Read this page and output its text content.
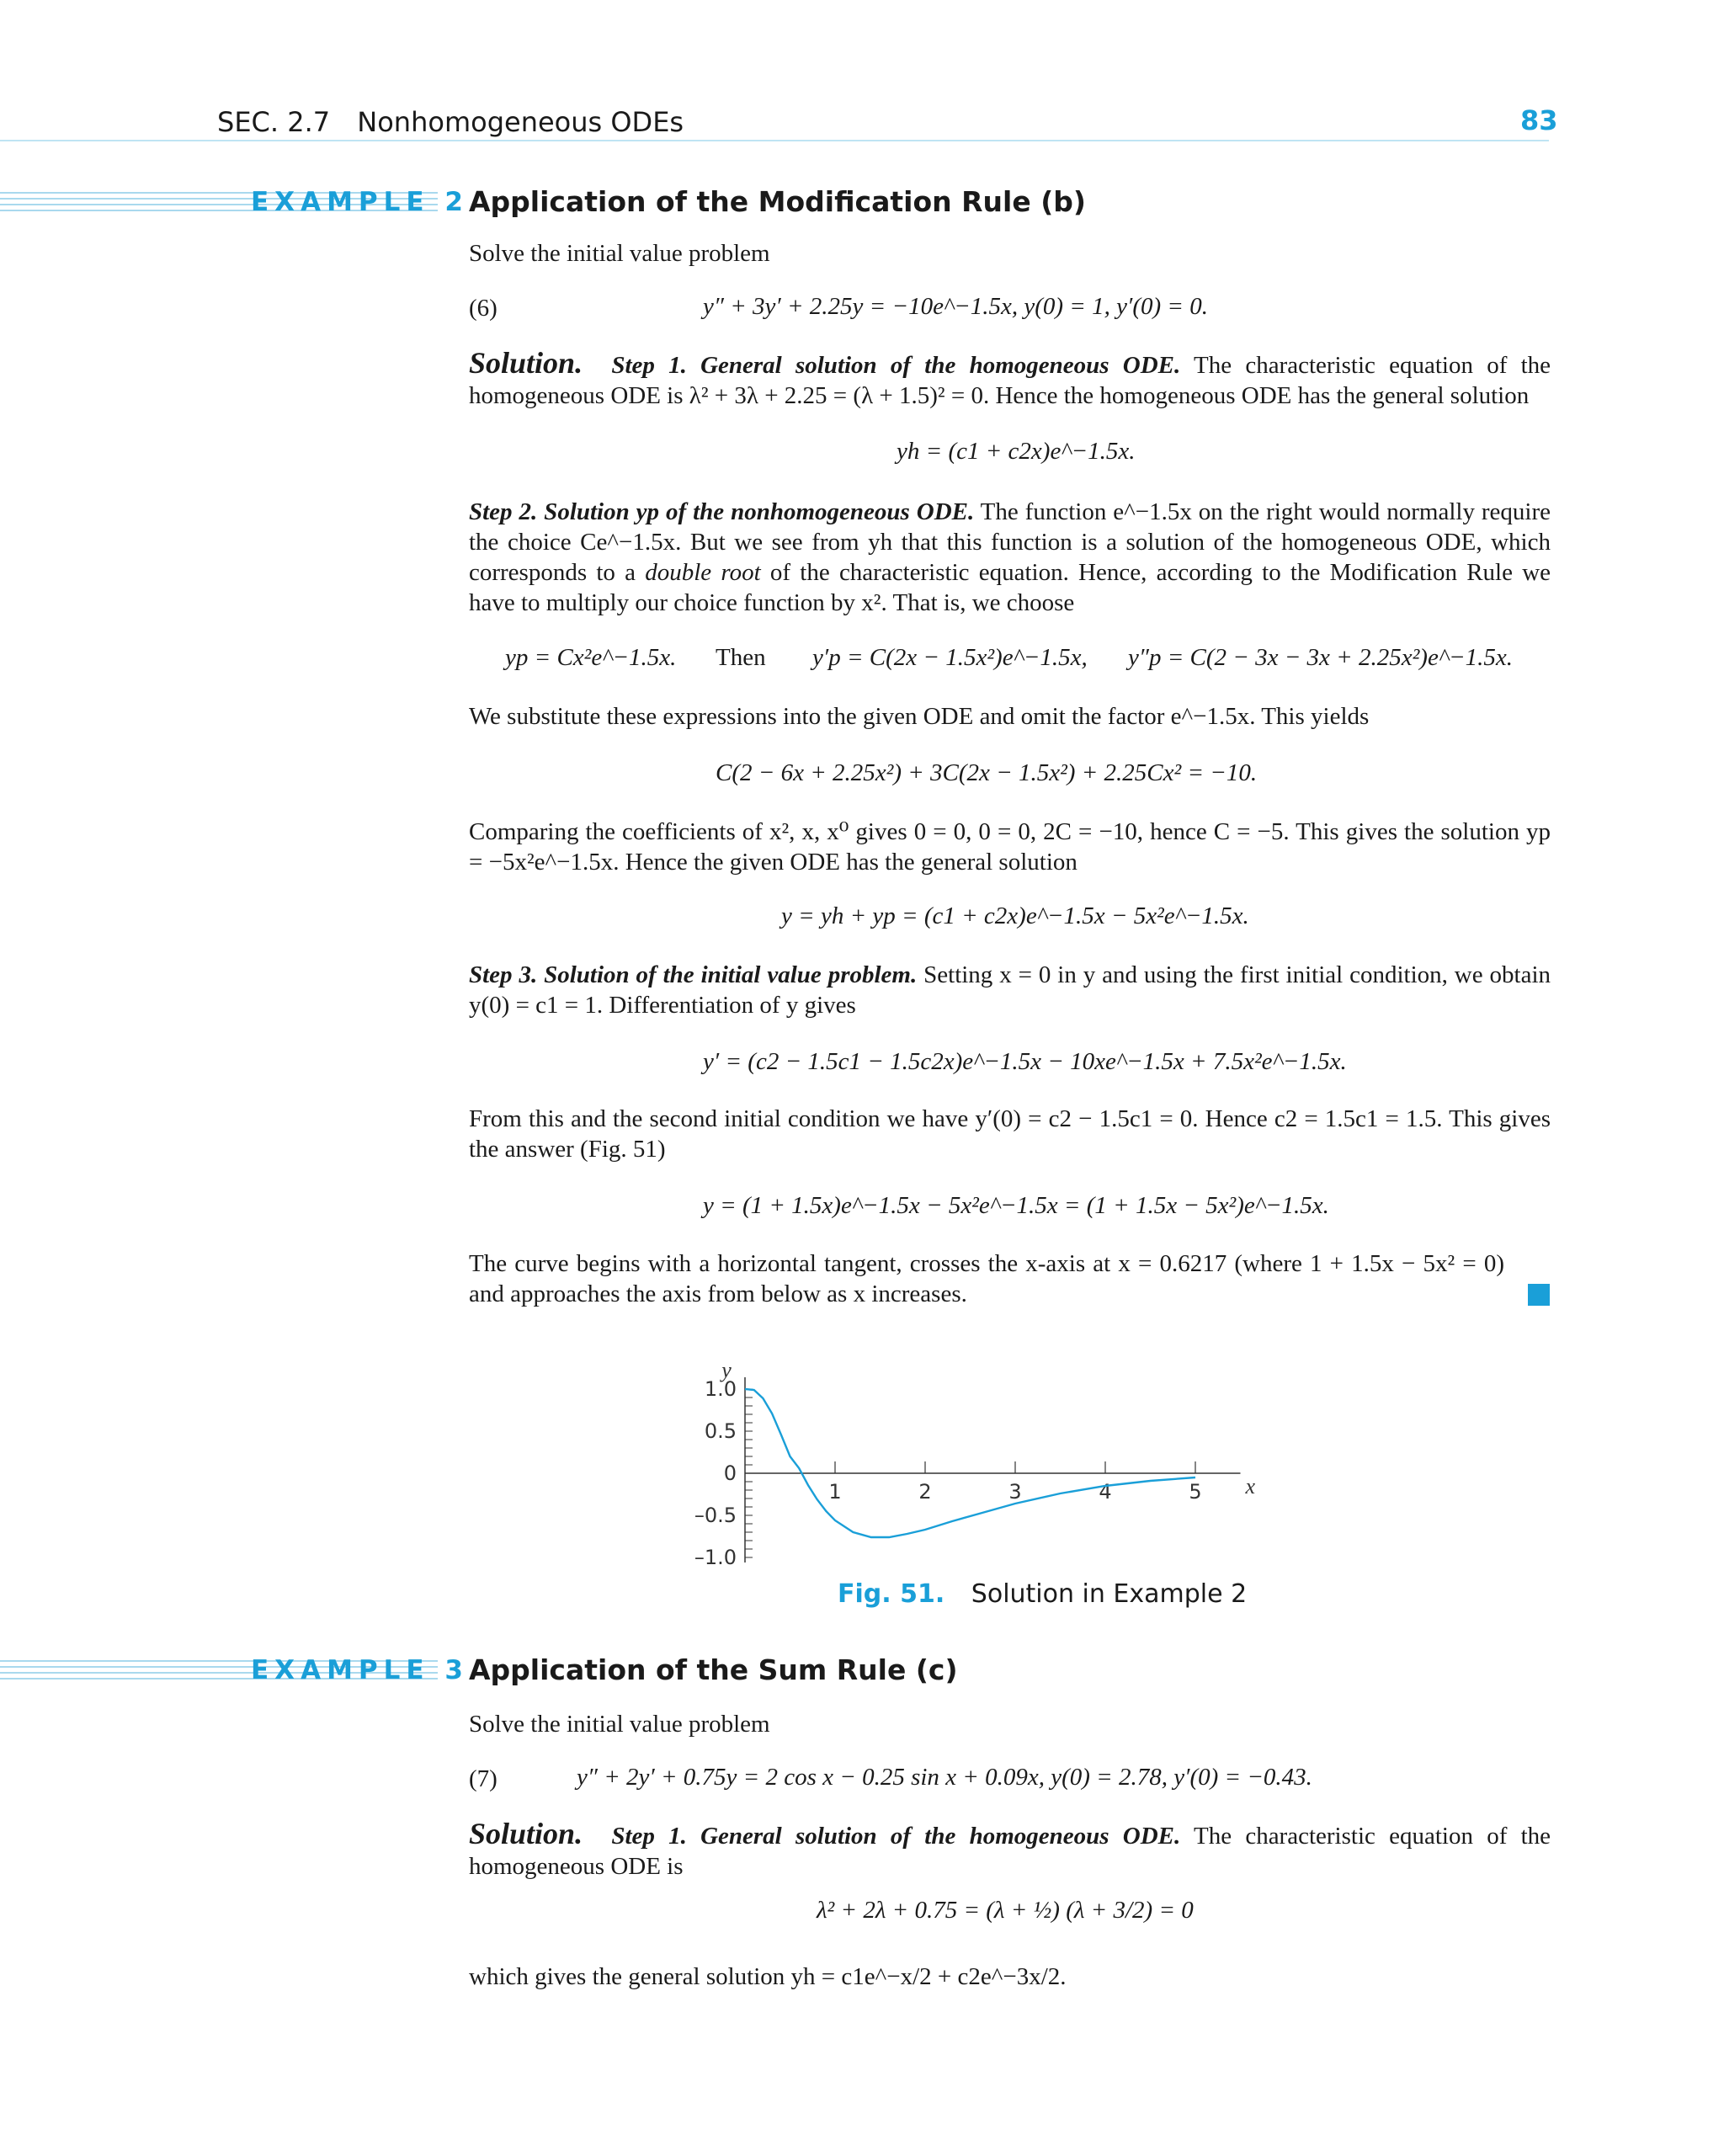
SEC. 2.7 Nonhomogeneous ODEs	83
EXAMPLE 2 Application of the Modification Rule (b)
Solve the initial value problem
(6)	y″ + 3y′ + 2.25y = −10e^−1.5x, y(0) = 1, y′(0) = 0.
Solution. Step 1. General solution of the homogeneous ODE. The characteristic equation of the homogeneous ODE is λ² + 3λ + 2.25 = (λ + 1.5)² = 0. Hence the homogeneous ODE has the general solution
yh = (c1 + c2x)e^−1.5x.
Step 2. Solution yp of the nonhomogeneous ODE. The function e^−1.5x on the right would normally require the choice Ce^−1.5x. But we see from yh that this function is a solution of the homogeneous ODE, which corresponds to a double root of the characteristic equation. Hence, according to the Modification Rule we have to multiply our choice function by x². That is, we choose
yp = Cx²e^−1.5x. Then y′p = C(2x − 1.5x²)e^−1.5x, y″p = C(2 − 3x − 3x + 2.25x²)e^−1.5x.
We substitute these expressions into the given ODE and omit the factor e^−1.5x. This yields
C(2 − 6x + 2.25x²) + 3C(2x − 1.5x²) + 2.25Cx² = −10.
Comparing the coefficients of x², x, x⁰ gives 0 = 0, 0 = 0, 2C = −10, hence C = −5. This gives the solution yp = −5x²e^−1.5x. Hence the given ODE has the general solution
y = yh + yp = (c1 + c2x)e^−1.5x − 5x²e^−1.5x.
Step 3. Solution of the initial value problem. Setting x = 0 in y and using the first initial condition, we obtain y(0) = c1 = 1. Differentiation of y gives
y′ = (c2 − 1.5c1 − 1.5c2x)e^−1.5x − 10xe^−1.5x + 7.5x²e^−1.5x.
From this and the second initial condition we have y′(0) = c2 − 1.5c1 = 0. Hence c2 = 1.5c1 = 1.5. This gives the answer (Fig. 51)
y = (1 + 1.5x)e^−1.5x − 5x²e^−1.5x = (1 + 1.5x − 5x²)e^−1.5x.
The curve begins with a horizontal tangent, crosses the x-axis at x = 0.6217 (where 1 + 1.5x − 5x² = 0) and approaches the axis from below as x increases.
1	2	3	4	5
1.0
0.5
0
–0.5
–1.0
x
y
Fig. 51. Solution in Example 2
EXAMPLE 3 Application of the Sum Rule (c)
Solve the initial value problem
(7)	y″ + 2y′ + 0.75y = 2 cos x − 0.25 sin x + 0.09x, y(0) = 2.78, y′(0) = −0.43.
Solution. Step 1. General solution of the homogeneous ODE. The characteristic equation of the homogeneous ODE is
λ² + 2λ + 0.75 = (λ + ½) (λ + 3/2) = 0
which gives the general solution yh = c1e^−x/2 + c2e^−3x/2.
